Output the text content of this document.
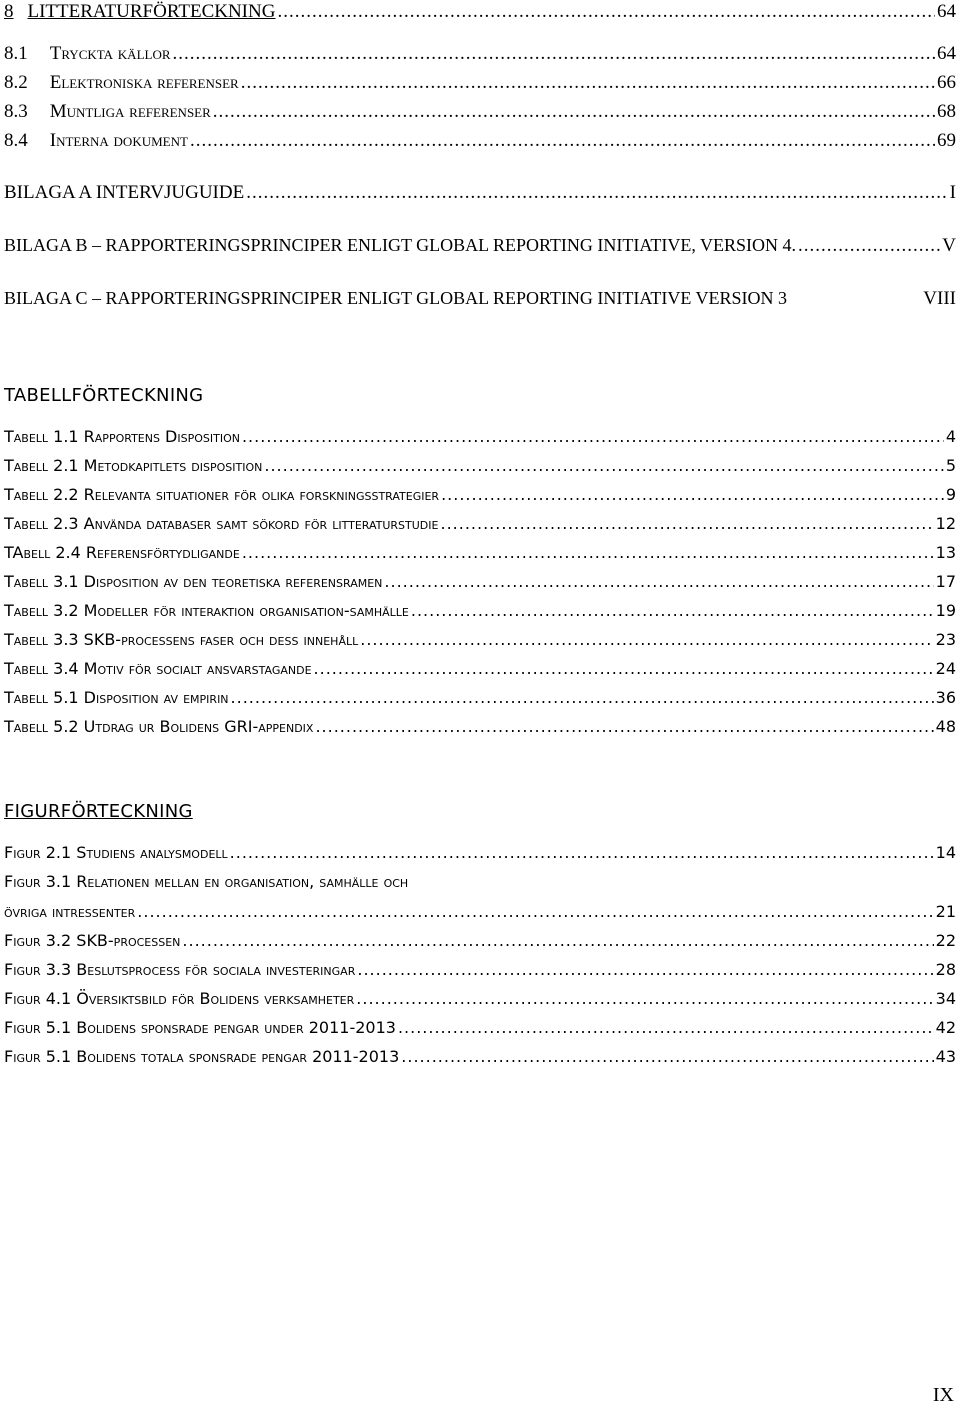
8 LITTERATURFÖRTECKNING .....	64
8.1 Tryckta källor .....	64
8.2 Elektroniska referenser .....	66
8.3 Muntliga referenser .....	68
8.4 Interna dokument .....	69
BILAGA A INTERVJUGUIDE .....	I
BILAGA B – RAPPORTERINGSPRINCIPER ENLIGT GLOBAL REPORTING INITIATIVE, VERSION 4. .....	V
BILAGA C – RAPPORTERINGSPRINCIPER ENLIGT GLOBAL REPORTING INITIATIVE VERSION 3	VIII
TABELLFÖRTECKNING
Tabell 1.1 Rapportens Disposition .....	4
Tabell 2.1 Metodkapitlets disposition .....	5
Tabell 2.2 Relevanta situationer för olika forskningsstrategier .....	9
Tabell 2.3 Använda databaser samt sökord för litteraturstudie .....	12
TAbell 2.4 Referensförtydligande .....	13
Tabell 3.1 Disposition av den teoretiska referensramen .....	17
Tabell 3.2 Modeller för interaktion organisation-samhälle .....	19
Tabell 3.3 SKB-processens faser och dess innehåll .....	23
Tabell 3.4 Motiv för socialt ansvarstagande .....	24
Tabell 5.1 Disposition av empirin .....	36
Tabell 5.2 Utdrag ur Bolidens GRI-appendix .....	48
FIGURFÖRTECKNING
Figur 2.1 Studiens analysmodell .....	14
Figur 3.1 Relationen mellan en organisation, samhälle och
övriga intressenter .....	21
Figur 3.2 SKB-processen .....	22
Figur 3.3 Beslutsprocess för sociala investeringar .....	28
Figur 4.1 Översiktsbild för Bolidens verksamheter .....	34
Figur 5.1 Bolidens sponsrade pengar under 2011-2013 .....	42
Figur 5.1 Bolidens totala sponsrade pengar 2011-2013 .....	43
IX
